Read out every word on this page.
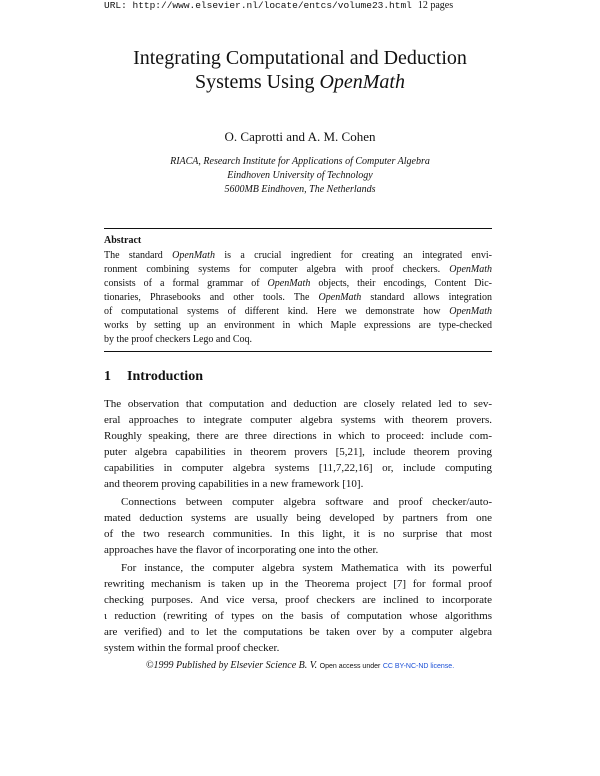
URL: http://www.elsevier.nl/locate/entcs/volume23.html 12 pages
Integrating Computational and Deduction
Systems Using OpenMath
O. Caprotti and A. M. Cohen
RIACA, Research Institute for Applications of Computer Algebra
Eindhoven University of Technology
5600MB Eindhoven, The Netherlands
Abstract
The standard OpenMath is a crucial ingredient for creating an integrated envi-
ronment combining systems for computer algebra with proof checkers. OpenMath
consists of a formal grammar of OpenMath objects, their encodings, Content Dic-
tionaries, Phrasebooks and other tools. The OpenMath standard allows integration
of computational systems of different kind. Here we demonstrate how OpenMath
works by setting up an environment in which Maple expressions are type-checked
by the proof checkers Lego and Coq.
1 Introduction
The observation that computation and deduction are closely related led to sev-
eral approaches to integrate computer algebra systems with theorem provers.
Roughly speaking, there are three directions in which to proceed: include com-
puter algebra capabilities in theorem provers [5,21], include theorem proving
capabilities in computer algebra systems [11,7,22,16] or, include computing
and theorem proving capabilities in a new framework [10].
Connections between computer algebra software and proof checker/auto-
mated deduction systems are usually being developed by partners from one
of the two research communities. In this light, it is no surprise that most
approaches have the flavor of incorporating one into the other.
For instance, the computer algebra system Mathematica with its powerful
rewriting mechanism is taken up in the Theorema project [7] for formal proof
checking purposes. And vice versa, proof checkers are inclined to incorporate
ι reduction (rewriting of types on the basis of computation whose algorithms
are verified) and to let the computations be taken over by a computer algebra
system within the formal proof checker.
©1999 Published by Elsevier Science B. V. Open access under CC BY-NC-ND license.
